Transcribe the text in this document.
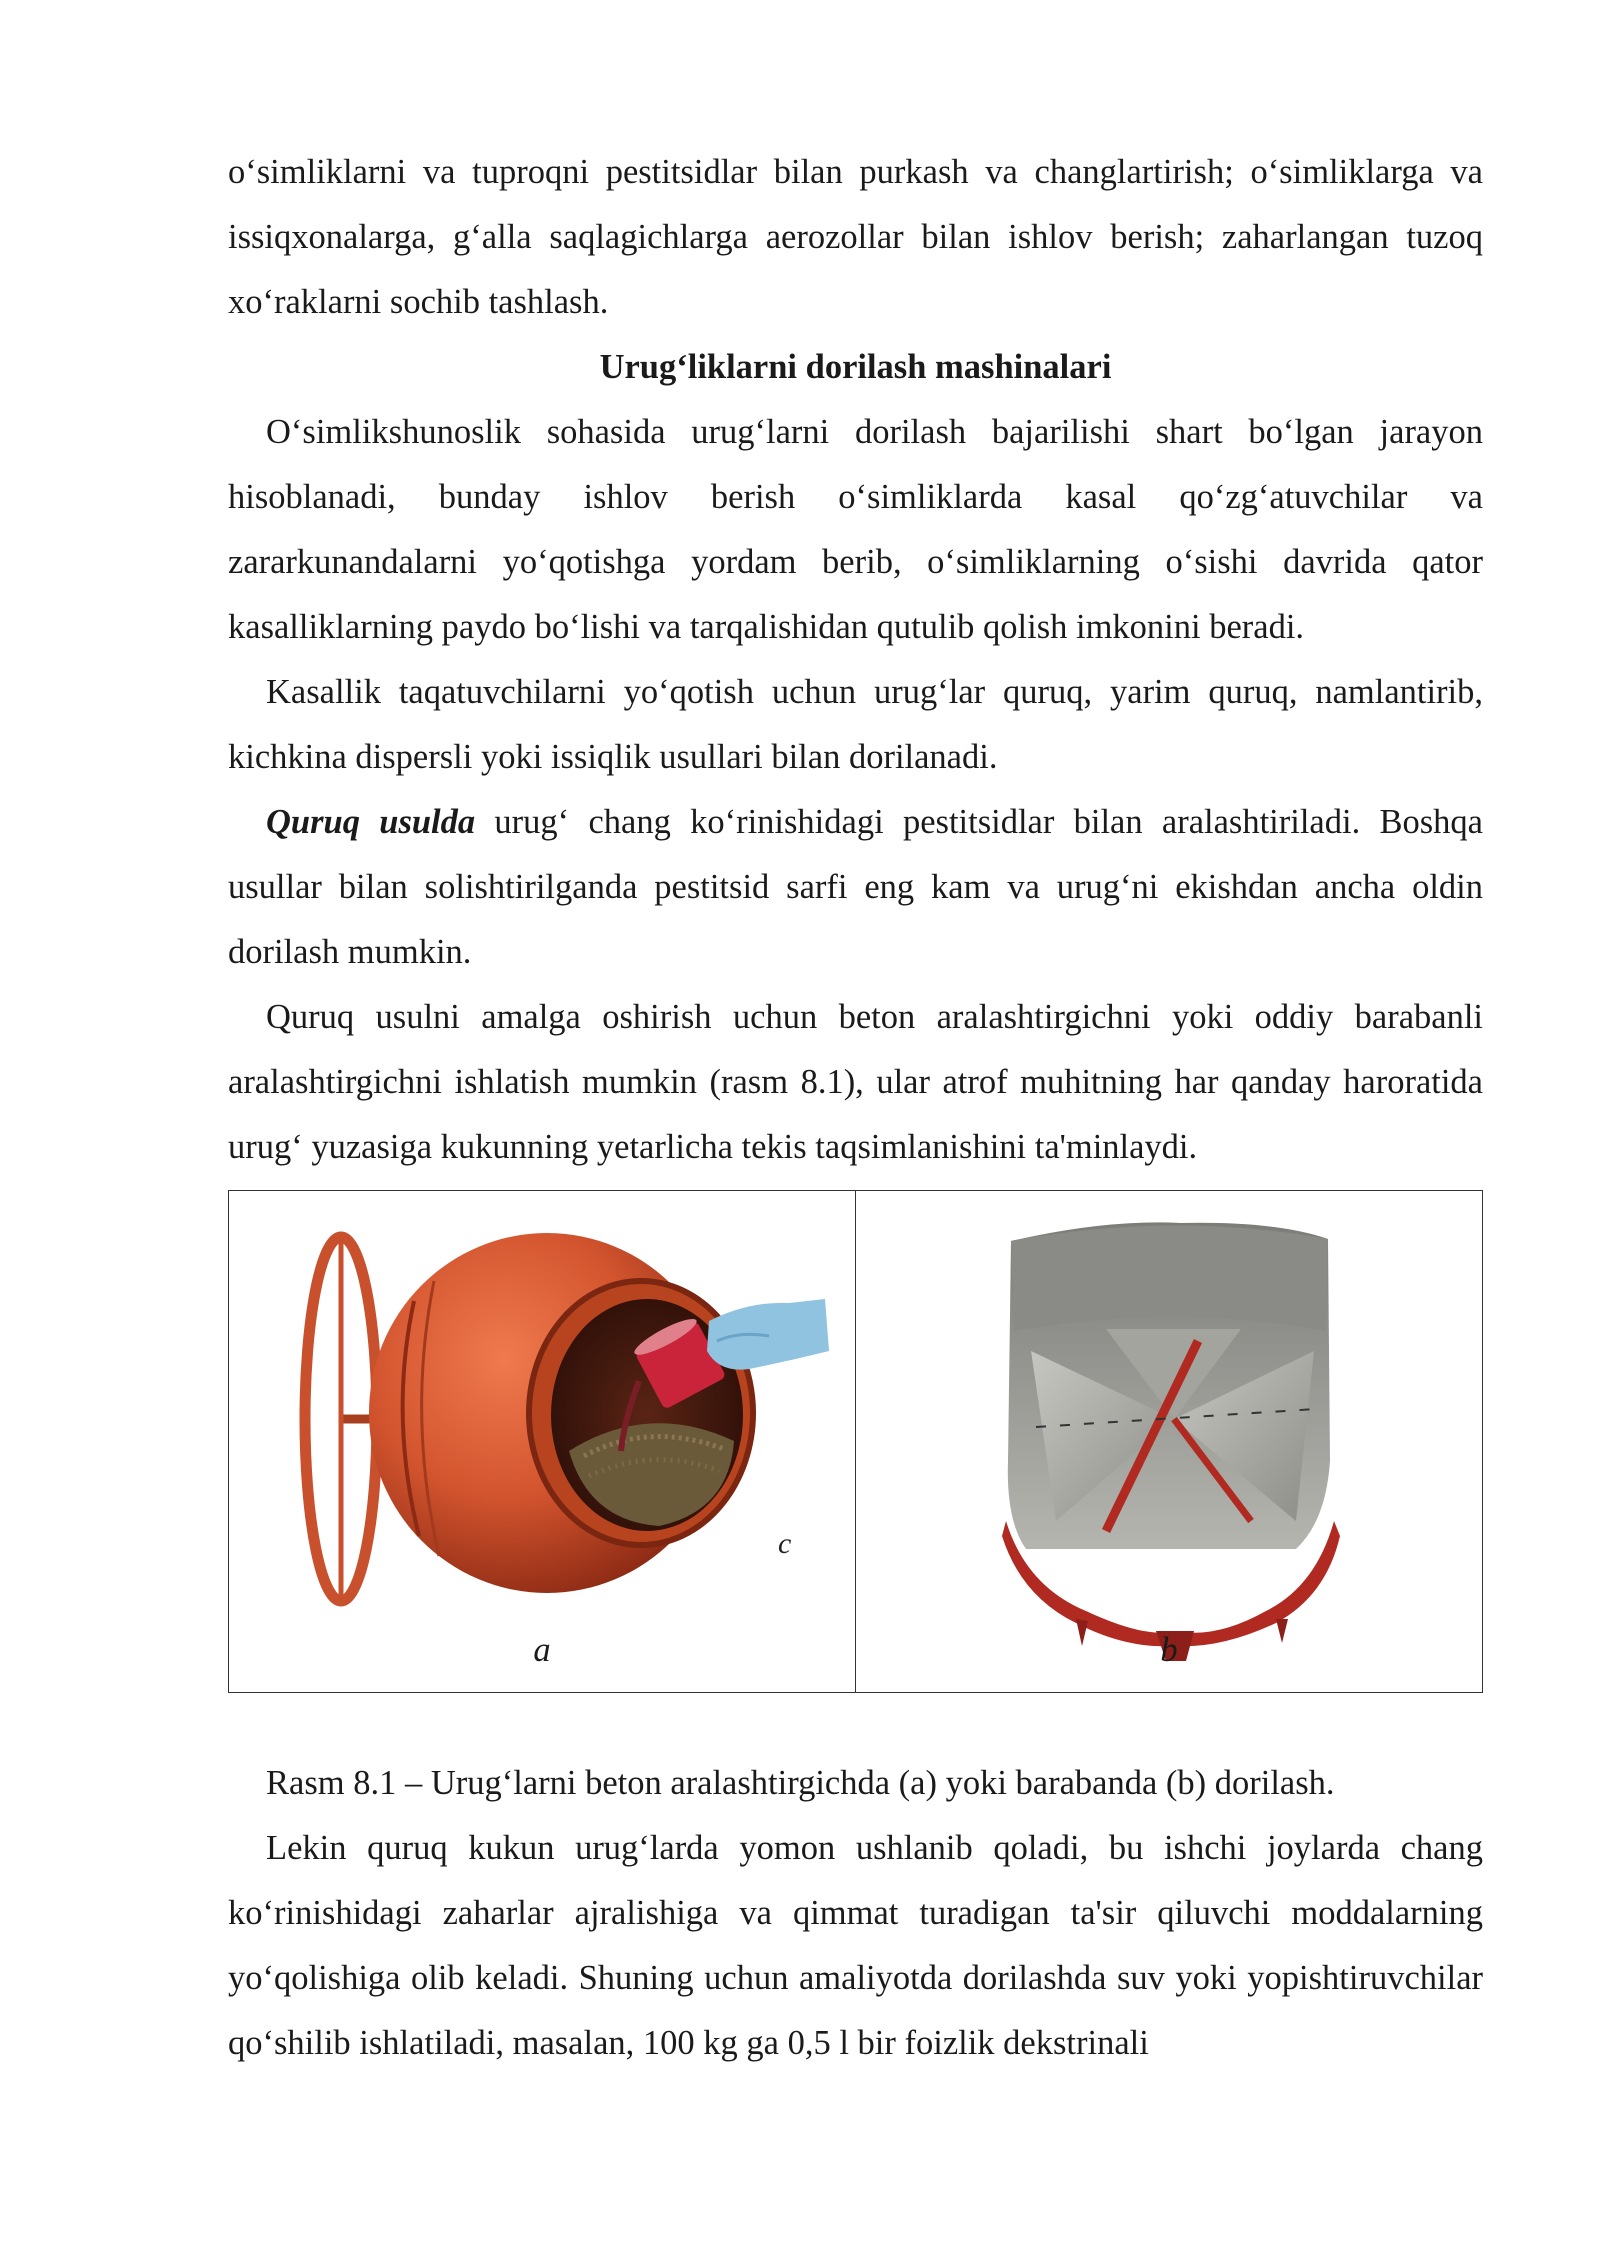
o‘simliklarni va tuproqni pestitsidlar bilan purkash va changlartirish; o‘simliklarga va issiqxonalarga, g‘alla saqlagichlarga aerozollar bilan ishlov berish; zaharlangan tuzoq xo‘raklarni sochib tashlash.

Urug‘liklarni dorilash mashinalari

O‘simlikshunoslik sohasida urug‘larni dorilash bajarilishi shart bo‘lgan jarayon hisoblanadi, bunday ishlov berish o‘simliklarda kasal qo‘zg‘atuvchilar va zararkunandalarni yo‘qotishga yordam berib, o‘simliklarning o‘sishi davrida qator kasalliklarning paydo bo‘lishi va tarqalishidan qutulib qolish imkonini beradi.

Kasallik taqatuvchilarni yo‘qotish uchun urug‘lar quruq, yarim quruq, namlantirib, kichkina dispersli yoki issiqlik usullari bilan dorilanadi.

Quruq usulda urug‘ chang ko‘rinishidagi pestitsidlar bilan aralashtiriladi. Boshqa usullar bilan solishtirilganda pestitsid sarfi eng kam va urug‘ni ekishdan ancha oldin dorilash mumkin.

Quruq usulni amalga oshirish uchun beton aralashtirgichni yoki oddiy barabanli aralashtirgichni ishlatish mumkin (rasm 8.1), ular atrof muhitning har qanday haroratida urug‘ yuzasiga kukunning yetarlicha tekis taqsimlanishini ta'minlaydi.

c
a	b

Rasm 8.1 – Urug‘larni beton aralashtirgichda (a) yoki barabanda (b) dorilash.

Lekin quruq kukun urug‘larda yomon ushlanib qoladi, bu ishchi joylarda chang ko‘rinishidagi zaharlar ajralishiga va qimmat turadigan ta'sir qiluvchi moddalarning yo‘qolishiga olib keladi. Shuning uchun amaliyotda dorilashda suv yoki yopishtiruvchilar qo‘shilib ishlatiladi, masalan, 100 kg ga 0,5 l bir foizlik dekstrinali
